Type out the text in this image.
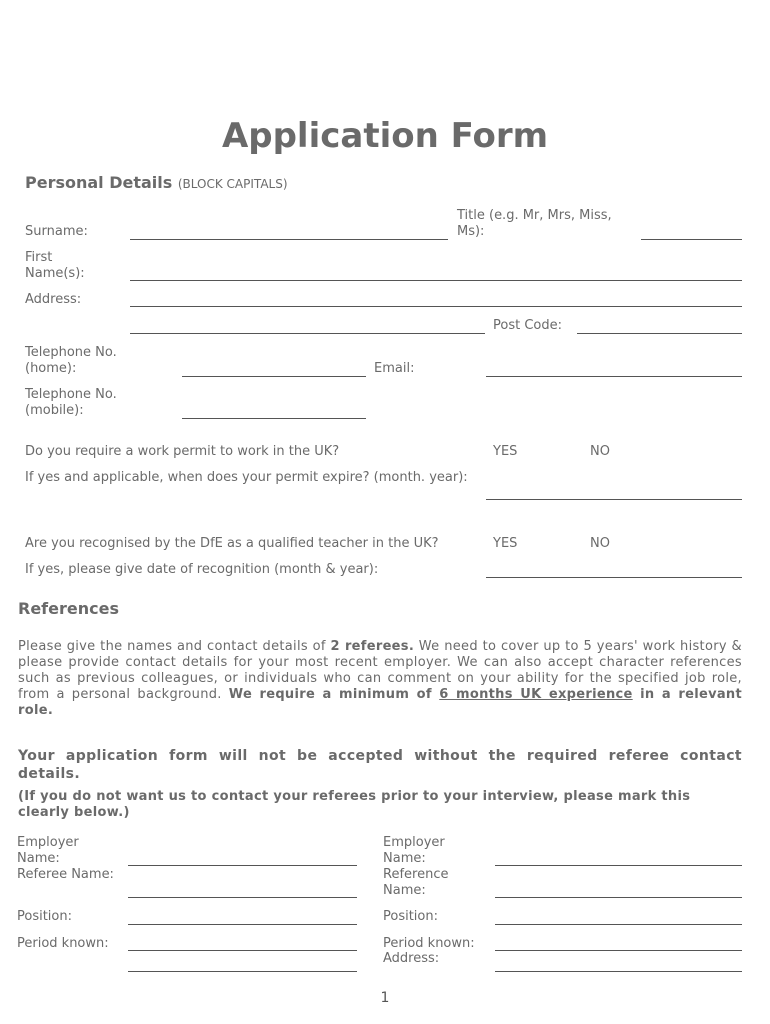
Application Form
Personal Details (BLOCK CAPITALS)
Surname:
Title (e.g. Mr, Mrs, Miss, Ms):
First Name(s):
Address:
Post Code:
Telephone No. (home):	Email:
Telephone No. (mobile):
Do you require a work permit to work in the UK?	YES	NO
If yes and applicable, when does your permit expire? (month. year):
Are you recognised by the DfE as a qualified teacher in the UK?	YES	NO
If yes, please give date of recognition (month & year):
References
Please give the names and contact details of 2 referees. We need to cover up to 5 years' work history & please provide contact details for your most recent employer. We can also accept character references such as previous colleagues, or individuals who can comment on your ability for the specified job role, from a personal background. We require a minimum of 6 months UK experience in a relevant role.
Your application form will not be accepted without the required referee contact details.
(If you do not want us to contact your referees prior to your interview, please mark this clearly below.)
Employer Name:
Referee Name:
Position:
Period known:
Employer Name:
Reference Name:
Position:
Period known:
Address:
1
